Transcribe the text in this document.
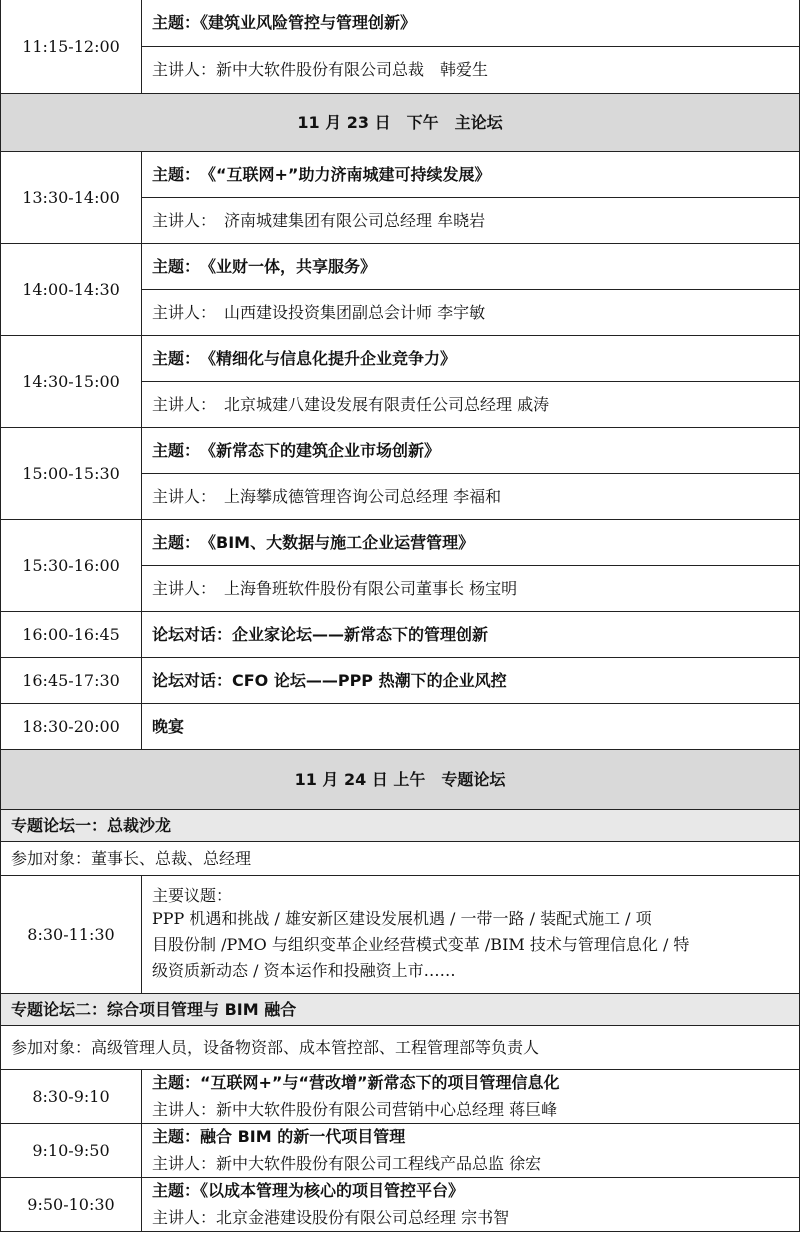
11:15-12:00	主题：《建筑业风险管控与管理创新》
	主讲人：新中大软件股份有限公司总裁　韩爱生
11 月 23 日　下午　主论坛	
13:30-14:00	主题：　《“互联网+”助力济南城建可持续发展》
	主讲人：　济南城建集团有限公司总经理 牟晓岩
14:00-14:30	主题：　《业财一体，共享服务》
	主讲人：　山西建设投资集团副总会计师 李宇敏
14:30-15:00	主题：　《精细化与信息化提升企业竞争力》
	主讲人：　北京城建八建设发展有限责任公司总经理 戚涛
15:00-15:30	主题：　《新常态下的建筑企业市场创新》
	主讲人：　上海攀成德管理咨询公司总经理 李福和
15:30-16:00	主题：　《BIM、大数据与施工企业运营管理》
	主讲人：　上海鲁班软件股份有限公司董事长 杨宝明
16:00-16:45	论坛对话：企业家论坛——新常态下的管理创新
16:45-17:30	论坛对话：CFO 论坛——PPP 热潮下的企业风控
18:30-20:00	晚宴
11 月 24 日 上午　专题论坛	
专题论坛一：总裁沙龙	
参加对象：董事长、总裁、总经理	
8:30-11:30	主要议题：
PPP 机遇和挑战 / 雄安新区建设发展机遇 / 一带一路 / 装配式施工 / 项
目股份制 /PMO 与组织变革企业经营模式变革 /BIM 技术与管理信息化 / 特
级资质新动态 / 资本运作和投融资上市……

专题论坛二：综合项目管理与 BIM 融合	
参加对象：高级管理人员，设备物资部、成本管控部、工程管理部等负责人	
8:30-9:10	主题：“互联网+”与“营改增”新常态下的项目管理信息化
	主讲人：新中大软件股份有限公司营销中心总经理 蒋巨峰
9:10-9:50	主题：融合 BIM 的新一代项目管理
	主讲人：新中大软件股份有限公司工程线产品总监 徐宏
9:50-10:30	主题：《以成本管理为核心的项目管控平台》
	主讲人：北京金港建设股份有限公司总经理 宗书智
